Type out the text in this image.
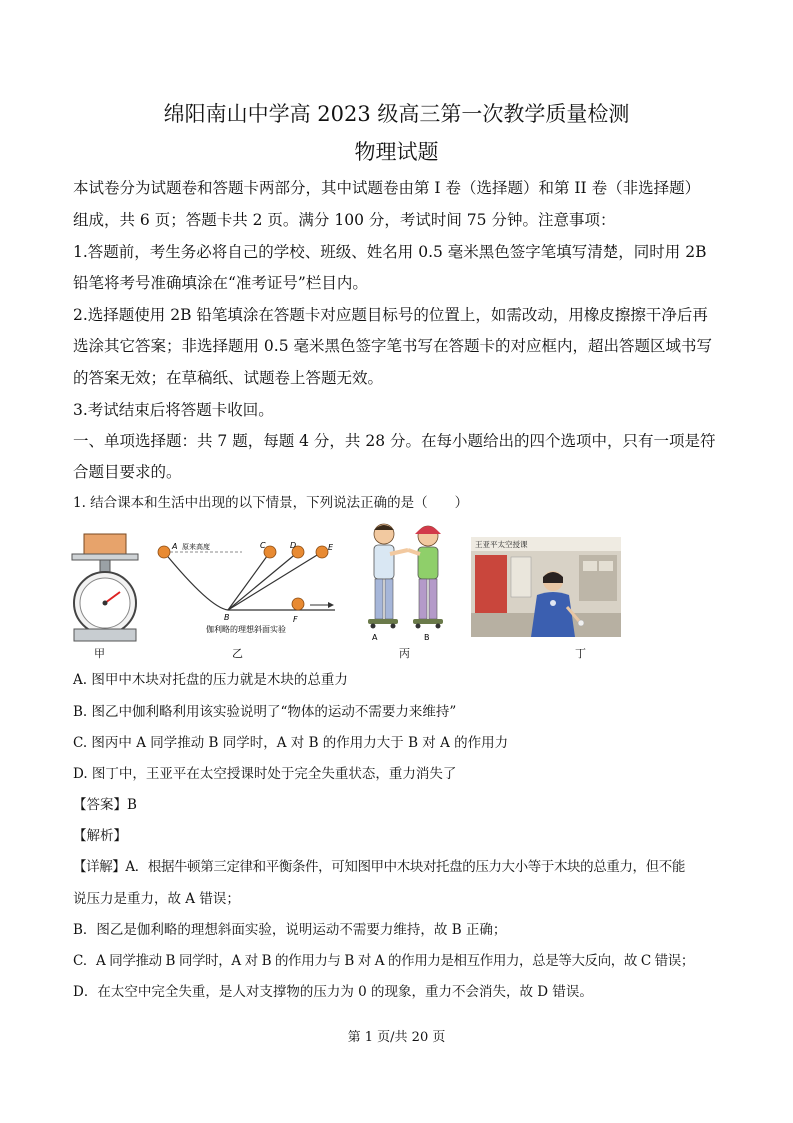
绵阳南山中学高 2023 级高三第一次教学质量检测
物理试题
本试卷分为试题卷和答题卡两部分，其中试题卷由第 I 卷（选择题）和第 II 卷（非选择题）
组成，共 6 页；答题卡共 2 页。满分 100 分，考试时间 75 分钟。注意事项：
1.答题前，考生务必将自己的学校、班级、姓名用 0.5 毫米黑色签字笔填写清楚，同时用 2B
铅笔将考号准确填涂在“准考证号”栏目内。
2.选择题使用 2B 铅笔填涂在答题卡对应题目标号的位置上，如需改动，用橡皮擦擦干净后再
选涂其它答案；非选择题用 0.5 毫米黑色签字笔书写在答题卡的对应框内，超出答题区域书写
的答案无效；在草稿纸、试题卷上答题无效。
3.考试结束后将答题卡收回。
一、单项选择题：共 7 题，每题 4 分，共 28 分。在每小题给出的四个选项中，只有一项是符
合题目要求的。
1. 结合课本和生活中出现的以下情景，下列说法正确的是（　　）
甲
A 原来高度	C	D	E
B	F
伽利略的理想斜面实验
乙
A	B
丙
王亚平太空授课
丁
A. 图甲中木块对托盘的压力就是木块的总重力
B. 图乙中伽利略利用该实验说明了“物体的运动不需要力来维持”
C. 图丙中 A 同学推动 B 同学时，A 对 B 的作用力大于 B 对 A 的作用力
D. 图丁中，王亚平在太空授课时处于完全失重状态，重力消失了
【答案】B
【解析】
【详解】A．根据牛顿第三定律和平衡条件，可知图甲中木块对托盘的压力大小等于木块的总重力，但不能
说压力是重力，故 A 错误；
B．图乙是伽利略的理想斜面实验，说明运动不需要力维持，故 B 正确；
C．A 同学推动 B 同学时，A 对 B 的作用力与 B 对 A 的作用力是相互作用力，总是等大反向，故 C 错误；
D．在太空中完全失重，是人对支撑物的压力为 0 的现象，重力不会消失，故 D 错误。
第 1 页/共 20 页
